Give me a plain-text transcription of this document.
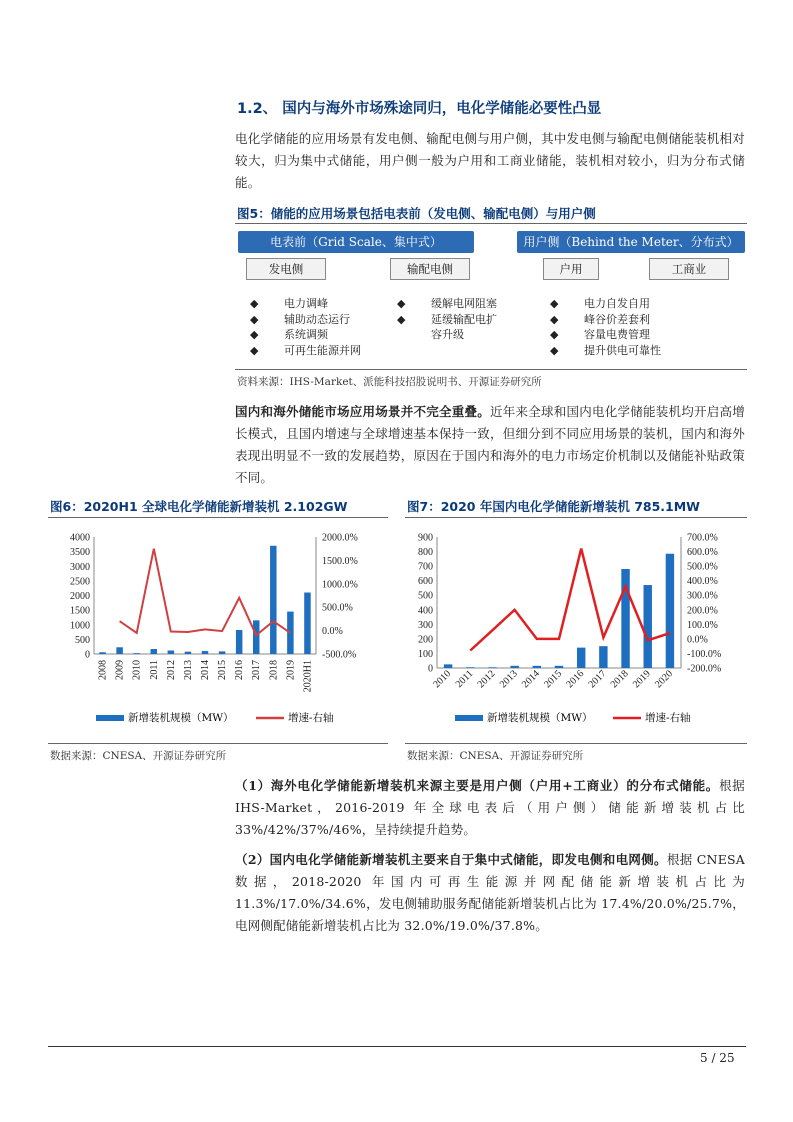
1.2、 国内与海外市场殊途同归，电化学储能必要性凸显
电化学储能的应用场景有发电侧、输配电侧与用户侧，其中发电侧与输配电侧储能装机相对较大，归为集中式储能，用户侧一般为户用和工商业储能，装机相对较小，归为分布式储能。
图5：储能的应用场景包括电表前（发电侧、输配电侧）与用户侧
电表前（Grid Scale、集中式）	用户侧（Behind the Meter、分布式）
发电侧	输配电侧	户用	工商业
◆ 电力调峰
◆ 辅助动态运行
◆ 系统调频
◆ 可再生能源并网
◆ 缓解电网阻塞
◆ 延缓输配电扩
容升级
◆ 电力自发自用
◆ 峰谷价差套利
◆ 容量电费管理
◆ 提升供电可靠性
资料来源：IHS-Market、派能科技招股说明书、开源证券研究所
国内和海外储能市场应用场景并不完全重叠。近年来全球和国内电化学储能装机均开启高增长模式，且国内增速与全球增速基本保持一致，但细分到不同应用场景的装机，国内和海外表现出明显不一致的发展趋势，原因在于国内和海外的电力市场定价机制以及储能补贴政策不同。
图6：2020H1 全球电化学储能新增装机 2.102GW
4000
3500
3000
2500
2000
1500
1000
500
0
2000.0%
1500.0%
1000.0%
500.0%
0.0%
-500.0%
2008 2009 2010 2011 2012 2013 2014 2015 2016 2017 2018 2019 2020H1
新增装机规模（MW）	增速-右轴
数据来源：CNESA、开源证券研究所
图7：2020 年国内电化学储能新增装机 785.1MW
900
800
700
600
500
400
300
200
100
0
700.0%
600.0%
500.0%
400.0%
300.0%
200.0%
100.0%
0.0%
-100.0%
-200.0%
2010 2011 2012 2013 2014 2015 2016 2017 2018 2019 2020
新增装机规模（MW）	增速-右轴
数据来源：CNESA、开源证券研究所
（1）海外电化学储能新增装机来源主要是用户侧（户用+工商业）的分布式储能。根据 IHS-Market，2016-2019 年全球电表后（用户侧）储能新增装机占比 33%/42%/37%/46%，呈持续提升趋势。
（2）国内电化学储能新增装机主要来自于集中式储能，即发电侧和电网侧。根据 CNESA 数据，2018-2020 年国内可再生能源并网配储能新增装机占比为 11.3%/17.0%/34.6%，发电侧辅助服务配储能新增装机占比为 17.4%/20.0%/25.7%，电网侧配储能新增装机占比为 32.0%/19.0%/37.8%。
5 / 25
